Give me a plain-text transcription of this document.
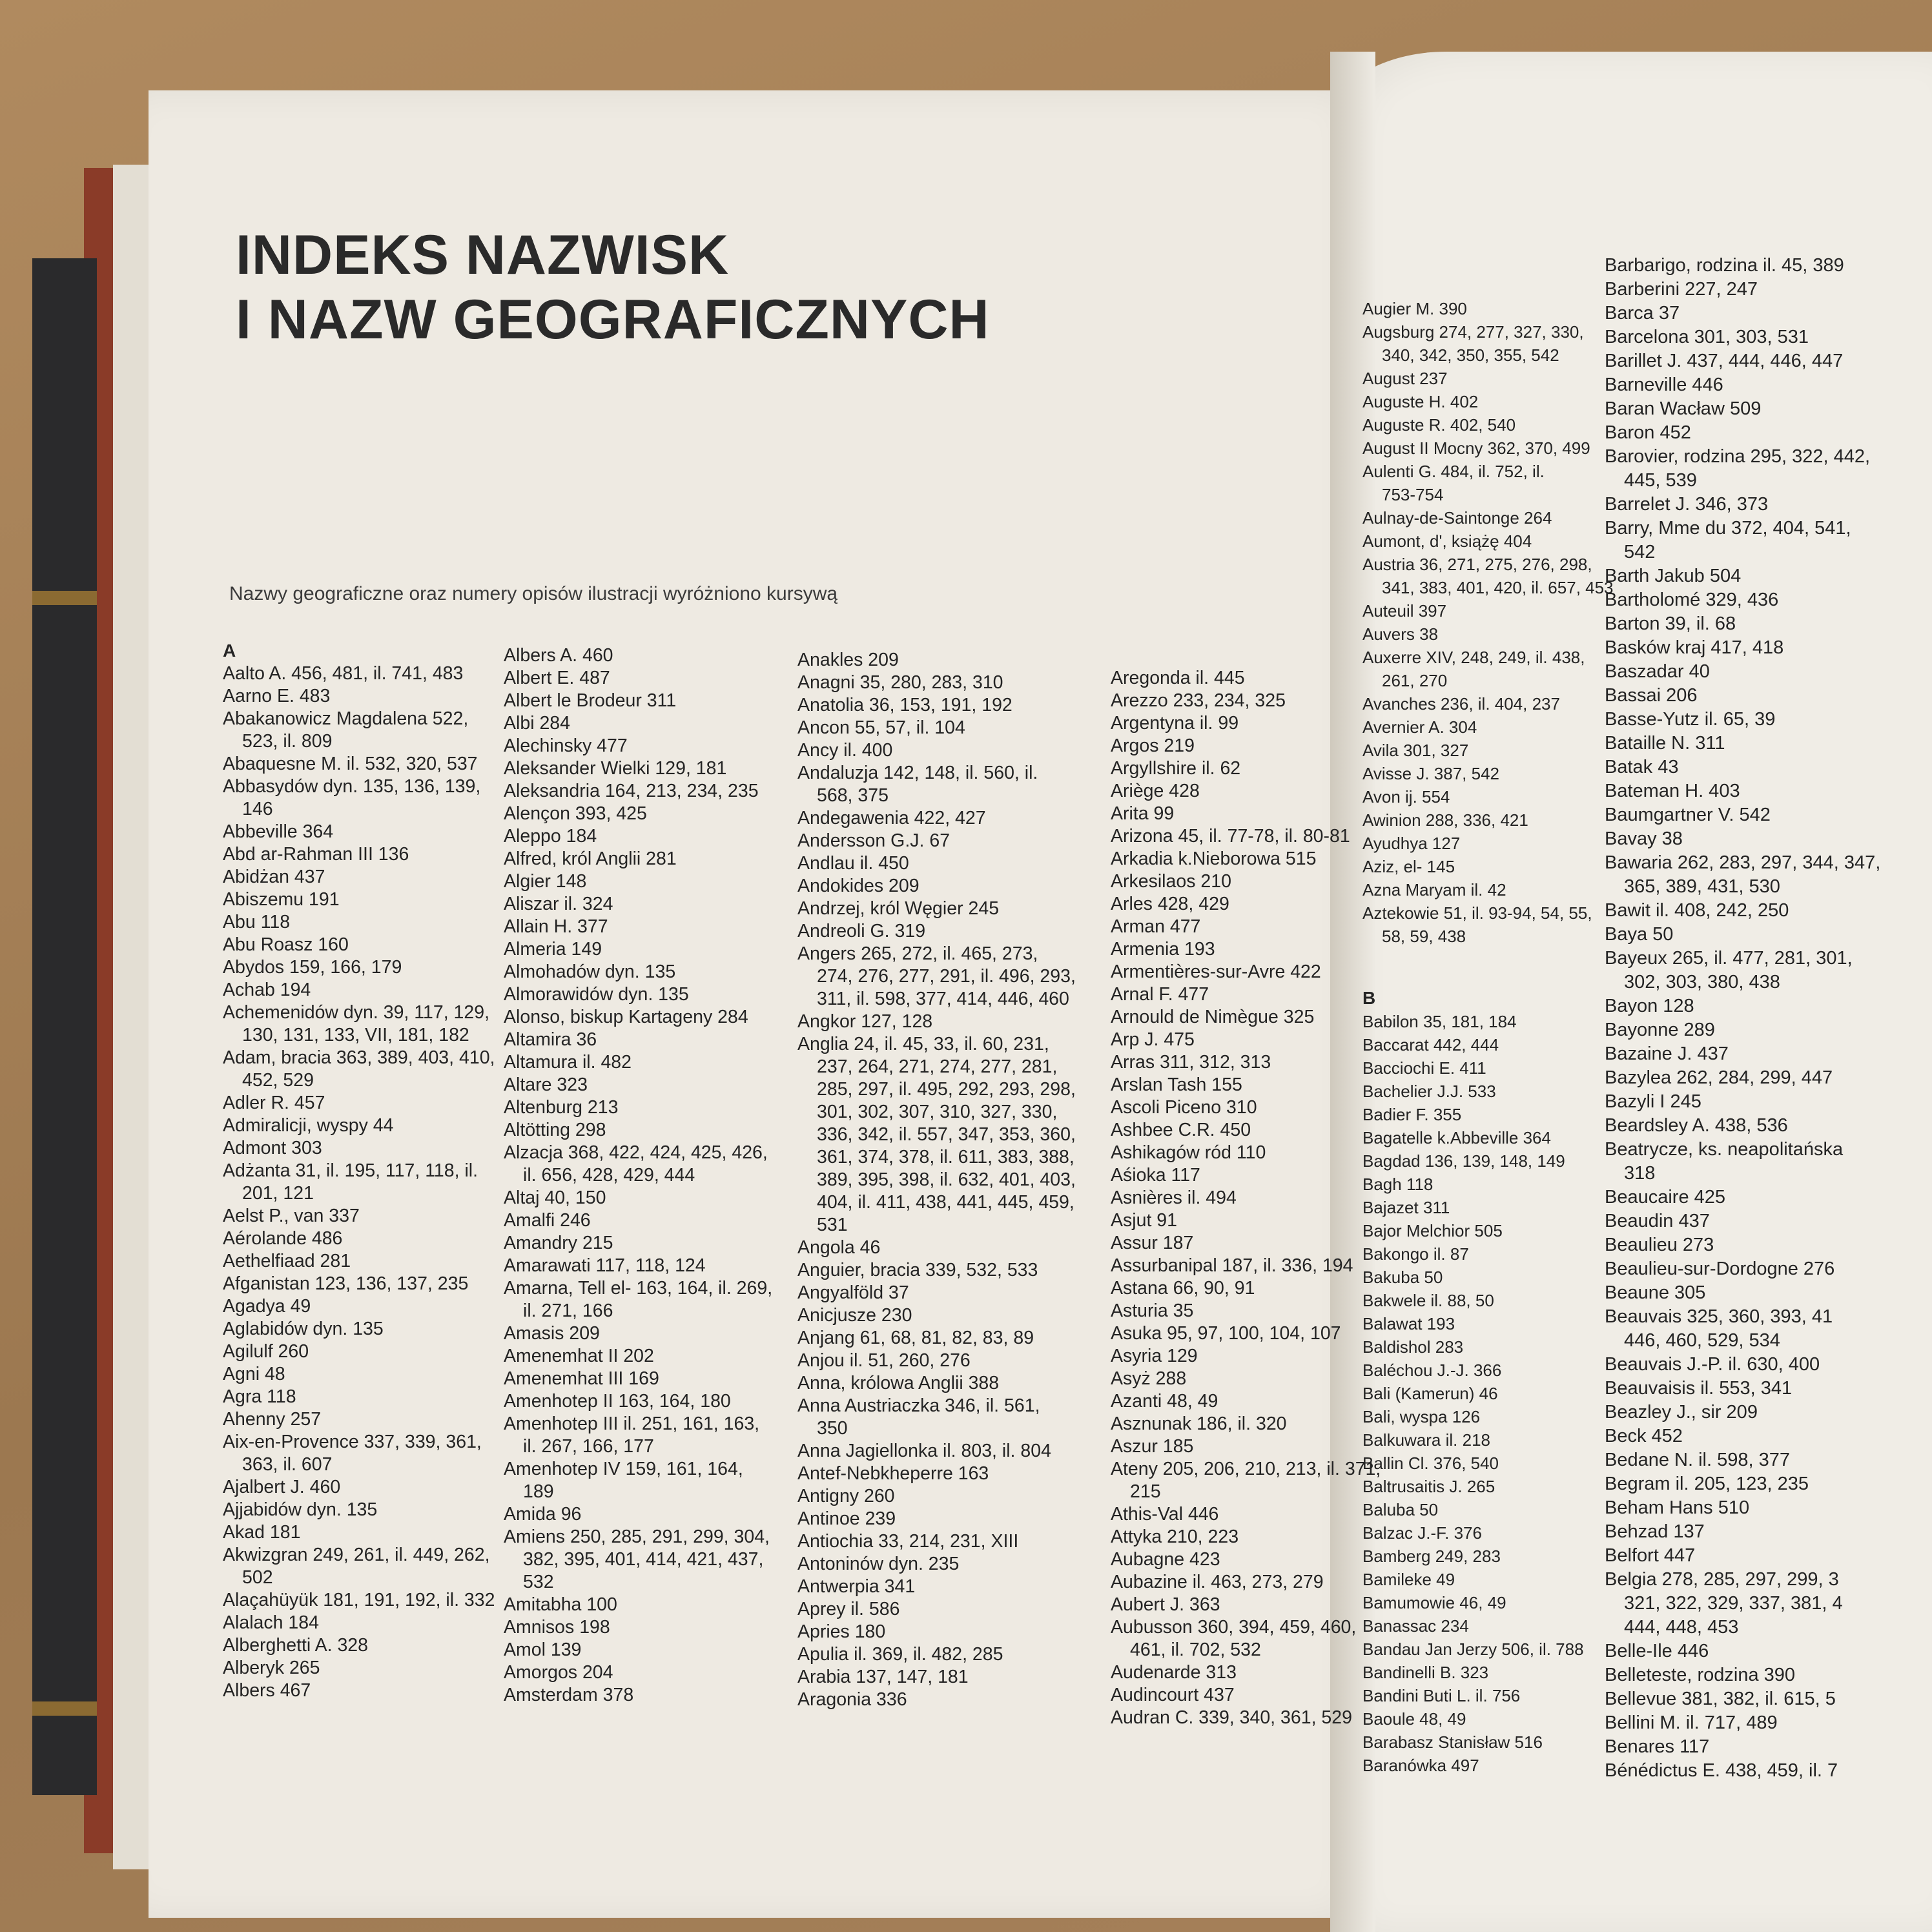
INDEKS NAZWISK
I NAZW GEOGRAFICZNYCH
Nazwy geograficzne oraz numery opisów ilustracji wyróżniono kursywą
A
Aalto A. 456, 481, il. 741, 483
Aarno E. 483
Abakanowicz Magdalena 522,
523, il. 809
Abaquesne M. il. 532, 320, 537
Abbasydów dyn. 135, 136, 139,
146
Abbeville 364
Abd ar-Rahman III 136
Abidżan 437
Abiszemu 191
Abu 118
Abu Roasz 160
Abydos 159, 166, 179
Achab 194
Achemenidów dyn. 39, 117, 129,
130, 131, 133, VII, 181, 182
Adam, bracia 363, 389, 403, 410,
452, 529
Adler R. 457
Admiralicji, wyspy 44
Admont 303
Adżanta 31, il. 195, 117, 118, il.
201, 121
Aelst P., van 337
Aérolande 486
Aethelfiaad 281
Afganistan 123, 136, 137, 235
Agadya 49
Aglabidów dyn. 135
Agilulf 260
Agni 48
Agra 118
Ahenny 257
Aix-en-Provence 337, 339, 361,
363, il. 607
Ajalbert J. 460
Ajjabidów dyn. 135
Akad 181
Akwizgran 249, 261, il. 449, 262,
502
Alaçahüyük 181, 191, 192, il. 332
Alalach 184
Alberghetti A. 328
Alberyk 265
Albers 467
Albers A. 460
Albert E. 487
Albert le Brodeur 311
Albi 284
Alechinsky 477
Aleksander Wielki 129, 181
Aleksandria 164, 213, 234, 235
Alençon 393, 425
Aleppo 184
Alfred, król Anglii 281
Algier 148
Aliszar il. 324
Allain H. 377
Almeria 149
Almohadów dyn. 135
Almorawidów dyn. 135
Alonso, biskup Kartageny 284
Altamira 36
Altamura il. 482
Altare 323
Altenburg 213
Altötting 298
Alzacja 368, 422, 424, 425, 426,
il. 656, 428, 429, 444
Altaj 40, 150
Amalfi 246
Amandry 215
Amarawati 117, 118, 124
Amarna, Tell el- 163, 164, il. 269,
il. 271, 166
Amasis 209
Amenemhat II 202
Amenemhat III 169
Amenhotep II 163, 164, 180
Amenhotep III il. 251, 161, 163,
il. 267, 166, 177
Amenhotep IV 159, 161, 164,
189
Amida 96
Amiens 250, 285, 291, 299, 304,
382, 395, 401, 414, 421, 437,
532
Amitabha 100
Amnisos 198
Amol 139
Amorgos 204
Amsterdam 378
Anakles 209
Anagni 35, 280, 283, 310
Anatolia 36, 153, 191, 192
Ancon 55, 57, il. 104
Ancy il. 400
Andaluzja 142, 148, il. 560, il.
568, 375
Andegawenia 422, 427
Andersson G.J. 67
Andlau il. 450
Andokides 209
Andrzej, król Węgier 245
Andreoli G. 319
Angers 265, 272, il. 465, 273,
274, 276, 277, 291, il. 496, 293,
311, il. 598, 377, 414, 446, 460
Angkor 127, 128
Anglia 24, il. 45, 33, il. 60, 231,
237, 264, 271, 274, 277, 281,
285, 297, il. 495, 292, 293, 298,
301, 302, 307, 310, 327, 330,
336, 342, il. 557, 347, 353, 360,
361, 374, 378, il. 611, 383, 388,
389, 395, 398, il. 632, 401, 403,
404, il. 411, 438, 441, 445, 459,
531
Angola 46
Anguier, bracia 339, 532, 533
Angyalföld 37
Anicjusze 230
Anjang 61, 68, 81, 82, 83, 89
Anjou il. 51, 260, 276
Anna, królowa Anglii 388
Anna Austriaczka 346, il. 561,
350
Anna Jagiellonka il. 803, il. 804
Antef-Nebkheperre 163
Antigny 260
Antinoe 239
Antiochia 33, 214, 231, XIII
Antoninów dyn. 235
Antwerpia 341
Aprey il. 586
Apries 180
Apulia il. 369, il. 482, 285
Arabia 137, 147, 181
Aragonia 336
Aregonda il. 445
Arezzo 233, 234, 325
Argentyna il. 99
Argos 219
Argyllshire il. 62
Ariège 428
Arita 99
Arizona 45, il. 77-78, il. 80-81
Arkadia k.Nieborowa 515
Arkesilaos 210
Arles 428, 429
Arman 477
Armenia 193
Armentières-sur-Avre 422
Arnal F. 477
Arnould de Nimègue 325
Arp J. 475
Arras 311, 312, 313
Arslan Tash 155
Ascoli Piceno 310
Ashbee C.R. 450
Ashikagów ród 110
Aśioka 117
Asnières il. 494
Asjut 91
Assur 187
Assurbanipal 187, il. 336, 194
Astana 66, 90, 91
Asturia 35
Asuka 95, 97, 100, 104, 107
Asyria 129
Asyż 288
Azanti 48, 49
Asznunak 186, il. 320
Aszur 185
Ateny 205, 206, 210, 213, il. 371,
215
Athis-Val 446
Attyka 210, 223
Aubagne 423
Aubazine il. 463, 273, 279
Aubert J. 363
Aubusson 360, 394, 459, 460,
461, il. 702, 532
Audenarde 313
Audincourt 437
Audran C. 339, 340, 361, 529
Augier M. 390
Augsburg 274, 277, 327, 330,
340, 342, 350, 355, 542
August 237
Auguste H. 402
Auguste R. 402, 540
August II Mocny 362, 370, 499
Aulenti G. 484, il. 752, il.
753-754
Aulnay-de-Saintonge 264
Aumont, d', książę 404
Austria 36, 271, 275, 276, 298,
341, 383, 401, 420, il. 657, 453
Auteuil 397
Auvers 38
Auxerre XIV, 248, 249, il. 438,
261, 270
Avanches 236, il. 404, 237
Avernier A. 304
Avila 301, 327
Avisse J. 387, 542
Avon ij. 554
Awinion 288, 336, 421
Ayudhya 127
Aziz, el- 145
Azna Maryam il. 42
Aztekowie 51, il. 93-94, 54, 55,
58, 59, 438
B
Babilon 35, 181, 184
Baccarat 442, 444
Bacciochi E. 411
Bachelier J.J. 533
Badier F. 355
Bagatelle k.Abbeville 364
Bagdad 136, 139, 148, 149
Bagh 118
Bajazet 311
Bajor Melchior 505
Bakongo il. 87
Bakuba 50
Bakwele il. 88, 50
Balawat 193
Baldishol 283
Baléchou J.-J. 366
Bali (Kamerun) 46
Bali, wyspa 126
Balkuwara il. 218
Ballin Cl. 376, 540
Baltrusaitis J. 265
Baluba 50
Balzac J.-F. 376
Bamberg 249, 283
Bamileke 49
Bamumowie 46, 49
Banassac 234
Bandau Jan Jerzy 506, il. 788
Bandinelli B. 323
Bandini Buti L. il. 756
Baoule 48, 49
Barabasz Stanisław 516
Baranówka 497
Barbarigo, rodzina il. 45, 389
Barberini 227, 247
Barca 37
Barcelona 301, 303, 531
Barillet J. 437, 444, 446, 447
Barneville 446
Baran Wacław 509
Baron 452
Barovier, rodzina 295, 322, 442,
445, 539
Barrelet J. 346, 373
Barry, Mme du 372, 404, 541,
542
Barth Jakub 504
Bartholomé 329, 436
Barton 39, il. 68
Basków kraj 417, 418
Baszadar 40
Bassai 206
Basse-Yutz il. 65, 39
Bataille N. 311
Batak 43
Bateman H. 403
Baumgartner V. 542
Bavay 38
Bawaria 262, 283, 297, 344, 347,
365, 389, 431, 530
Bawit il. 408, 242, 250
Baya 50
Bayeux 265, il. 477, 281, 301,
302, 303, 380, 438
Bayon 128
Bayonne 289
Bazaine J. 437
Bazylea 262, 284, 299, 447
Bazyli I 245
Beardsley A. 438, 536
Beatrycze, ks. neapolitańska
318
Beaucaire 425
Beaudin 437
Beaulieu 273
Beaulieu-sur-Dordogne 276
Beaune 305
Beauvais 325, 360, 393, 41
446, 460, 529, 534
Beauvais J.-P. il. 630, 400
Beauvaisis il. 553, 341
Beazley J., sir 209
Beck 452
Bedane N. il. 598, 377
Begram il. 205, 123, 235
Beham Hans 510
Behzad 137
Belfort 447
Belgia 278, 285, 297, 299, 3
321, 322, 329, 337, 381, 4
444, 448, 453
Belle-Ile 446
Belleteste, rodzina 390
Bellevue 381, 382, il. 615, 5
Bellini M. il. 717, 489
Benares 117
Bénédictus E. 438, 459, il. 7
